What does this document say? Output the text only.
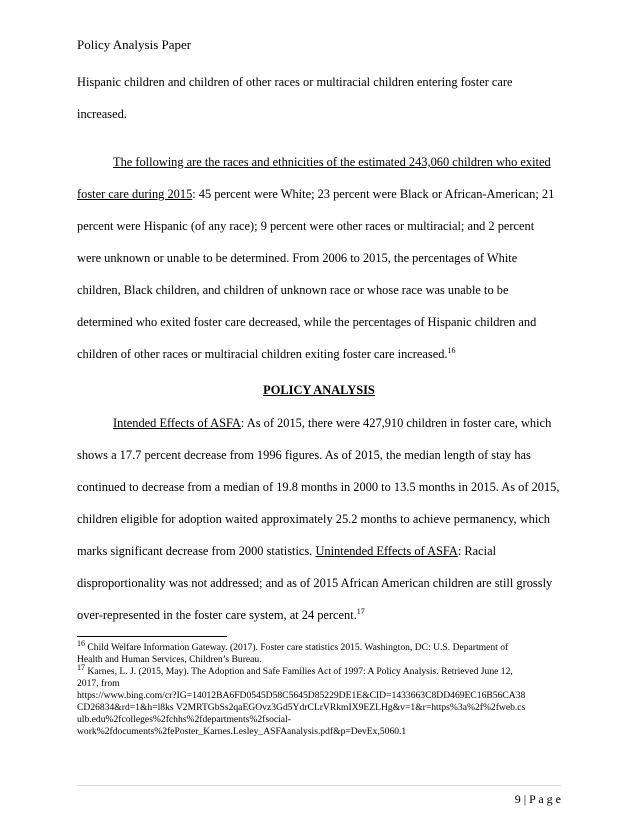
Policy Analysis Paper
Hispanic children and children of other races or multiracial children entering foster care
increased.
The following are the races and ethnicities of the estimated 243,060 children who exited
foster care during 2015: 45 percent were White; 23 percent were Black or African-American; 21
percent were Hispanic (of any race); 9 percent were other races or multiracial; and 2 percent
were unknown or unable to be determined. From 2006 to 2015, the percentages of White
children, Black children, and children of unknown race or whose race was unable to be
determined who exited foster care decreased, while the percentages of Hispanic children and
children of other races or multiracial children exiting foster care increased.$^{16}$
POLICY ANALYSIS
Intended Effects of ASFA: As of 2015, there were 427,910 children in foster care, which
shows a 17.7 percent decrease from 1996 figures. As of 2015, the median length of stay has
continued to decrease from a median of 19.8 months in 2000 to 13.5 months in 2015. As of 2015,
children eligible for adoption waited approximately 25.2 months to achieve permanency, which
marks significant decrease from 2000 statistics. Unintended Effects of ASFA: Racial
disproportionality was not addressed; and as of 2015 African American children are still grossly
over-represented in the foster care system, at 24 percent.$^{17}$
$^{16}$ Child Welfare Information Gateway. (2017). Foster care statistics 2015. Washington, DC: U.S. Department of
Health and Human Services, Children’s Bureau.
$^{17}$ Karnes, L. J. (2015, May). The Adoption and Safe Families Act of 1997: A Policy Analysis. Retrieved June 12,
2017, from
https://www.bing.com/cr?IG=14012BA6FD0545D58C5645D85229DE1E&CID=1433663C8DD469EC16B56CA38
CD26834&rd=1&h=l8ks V2MRTGbSs2qaEGOvz3Gd5YdrCLrVRkmIX9EZLHg&v=1&r=https%3a%2f%2fweb.cs
ulb.edu%2fcolleges%2fchhs%2fdepartments%2fsocial-
work%2fdocuments%2fePoster_Karnes.Lesley_ASFAanalysis.pdf&p=DevEx,5060.1
9 | P a g e
